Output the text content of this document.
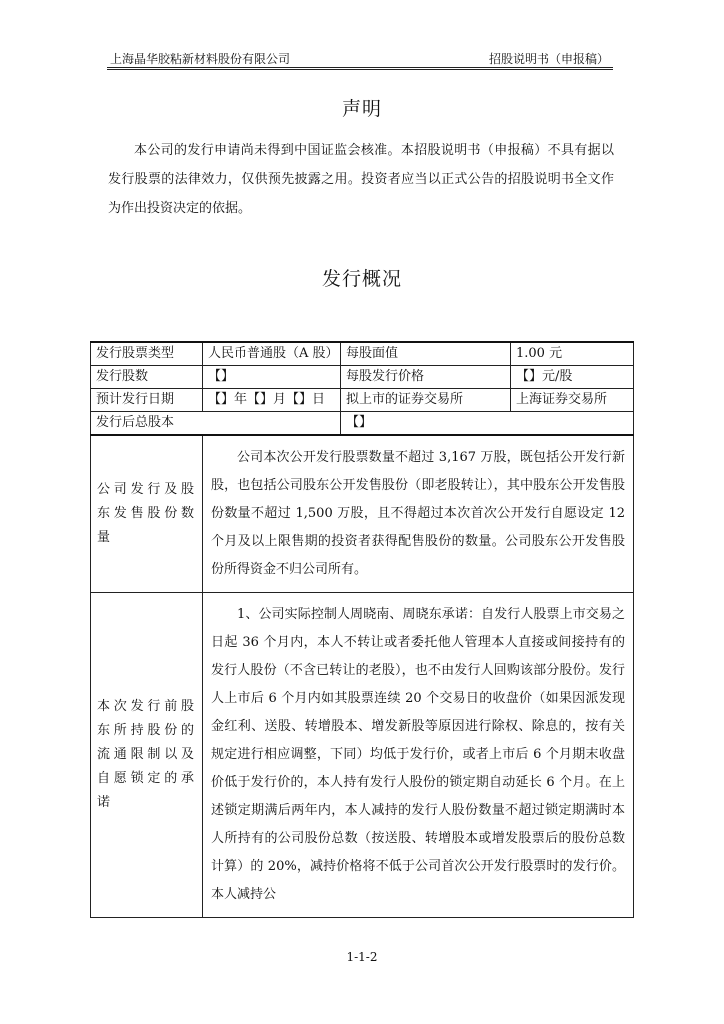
上海晶华胶粘新材料股份有限公司	招股说明书（申报稿）
声明

本公司的发行申请尚未得到中国证监会核准。本招股说明书（申报稿）不具有据以发行股票的法律效力，仅供预先披露之用。投资者应当以正式公告的招股说明书全文作为作出投资决定的依据。

发行概况
发行股票类型	人民币普通股（A 股）	每股面值	1.00 元
发行股数	【】	每股发行价格	【】元/股
预计发行日期	【】年【】月【】日	拟上市的证券交易所	上海证券交易所
发行后总股本		【】	
公司发行及股东发售股份数量	公司本次公开发行股票数量不超过 3,167 万股，既包括公开发行新股，也包括公司股东公开发售股份（即老股转让），其中股东公开发售股份数量不超过 1,500 万股，且不得超过本次首次公开发行自愿设定 12 个月及以上限售期的投资者获得配售股份的数量。公司股东公开发售股份所得资金不归公司所有。		

本次发行前股东所持股份的流通限制以及自愿锁定的承诺	1、公司实际控制人周晓南、周晓东承诺：自发行人股票上市交易之日起 36 个月内，本人不转让或者委托他人管理本人直接或间接持有的发行人股份（不含已转让的老股），也不由发行人回购该部分股份。发行人上市后 6 个月内如其股票连续 20 个交易日的收盘价（如果因派发现金红利、送股、转增股本、增发新股等原因进行除权、除息的，按有关规定进行相应调整，下同）均低于发行价，或者上市后 6 个月期末收盘价低于发行价的，本人持有发行人股份的锁定期自动延长 6 个月。在上述锁定期满后两年内，本人减持的发行人股份数量不超过锁定期满时本人所持有的公司股份总数（按送股、转增股本或增发股票后的股份总数计算）的 20%，减持价格将不低于公司首次公开发行股票时的发行价。本人减持公		

1-1-2
